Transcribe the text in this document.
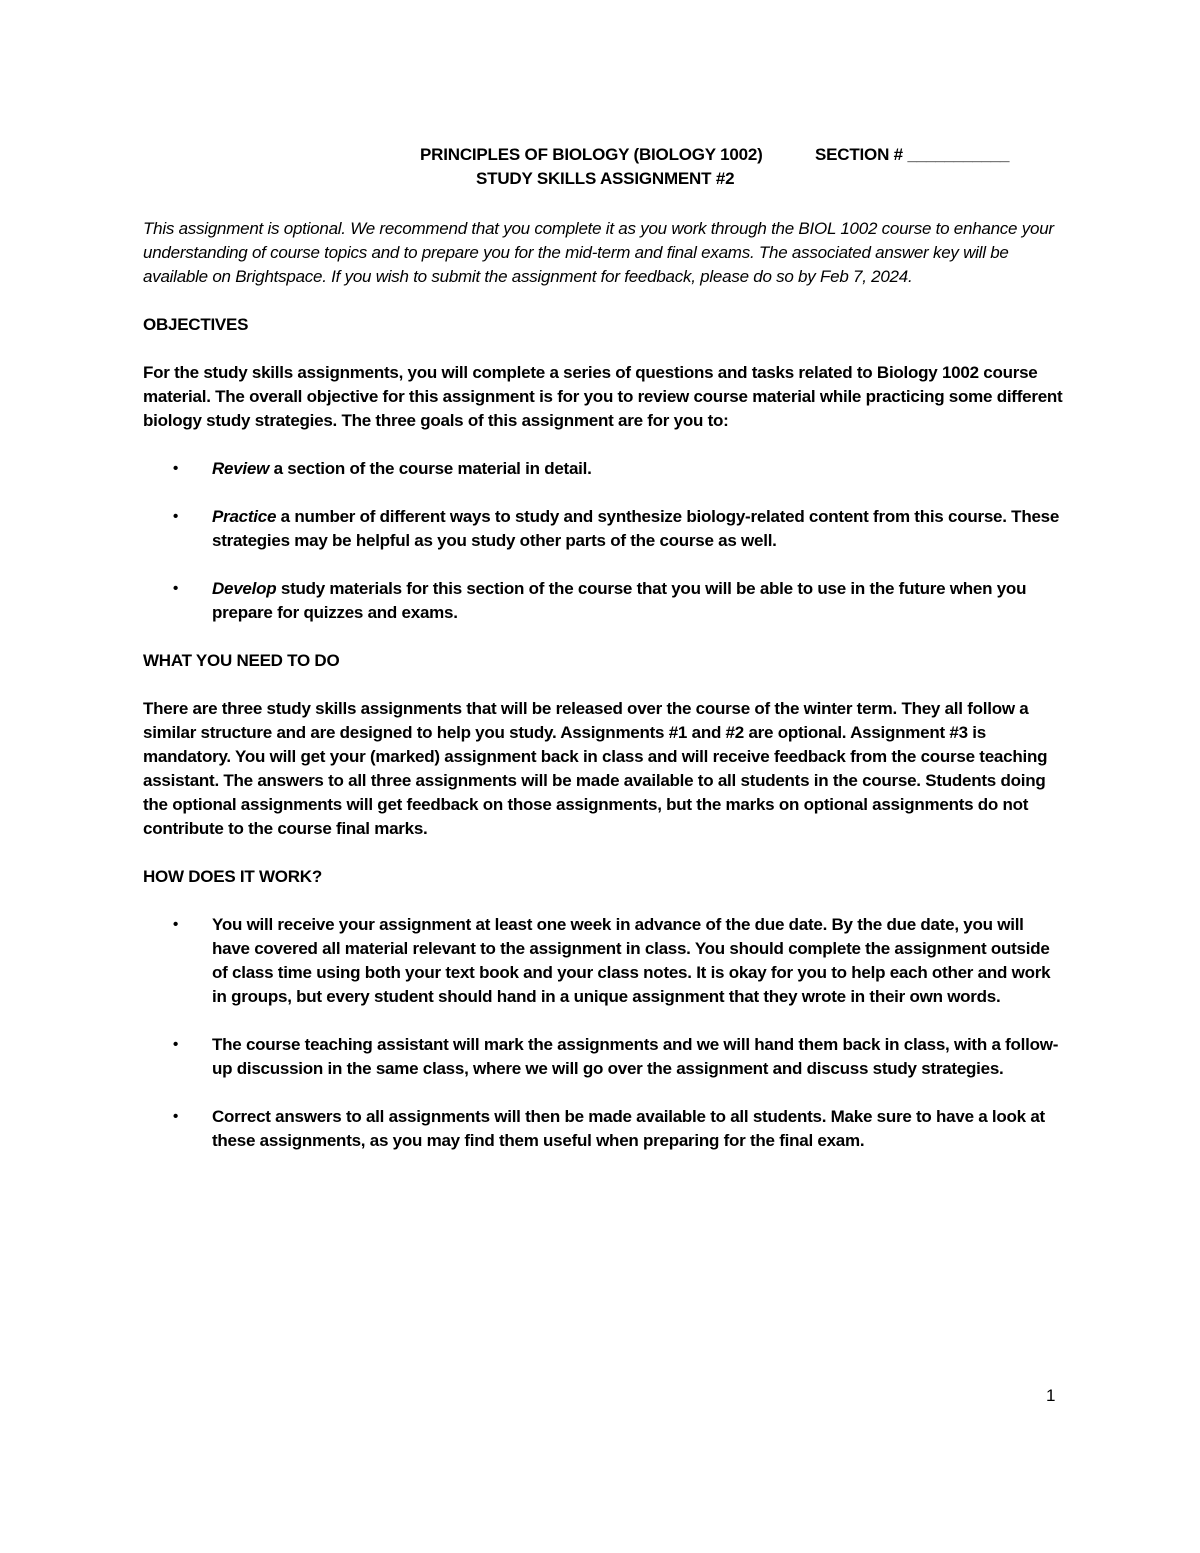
PRINCIPLES OF BIOLOGY (BIOLOGY 1002)	SECTION # ___________
STUDY SKILLS ASSIGNMENT #2

This assignment is optional. We recommend that you complete it as you work through the BIOL 1002 course to enhance your understanding of course topics and to prepare you for the mid-term and final exams. The associated answer key will be available on Brightspace. If you wish to submit the assignment for feedback, please do so by Feb 7, 2024.

OBJECTIVES

For the study skills assignments, you will complete a series of questions and tasks related to Biology 1002 course material. The overall objective for this assignment is for you to review course material while practicing some different biology study strategies. The three goals of this assignment are for you to:

• Review a section of the course material in detail.
• Practice a number of different ways to study and synthesize biology-related content from this course. These strategies may be helpful as you study other parts of the course as well.
• Develop study materials for this section of the course that you will be able to use in the future when you prepare for quizzes and exams.

WHAT YOU NEED TO DO

There are three study skills assignments that will be released over the course of the winter term. They all follow a similar structure and are designed to help you study. Assignments #1 and #2 are optional. Assignment #3 is mandatory. You will get your (marked) assignment back in class and will receive feedback from the course teaching assistant. The answers to all three assignments will be made available to all students in the course. Students doing the optional assignments will get feedback on those assignments, but the marks on optional assignments do not contribute to the course final marks.

HOW DOES IT WORK?

• You will receive your assignment at least one week in advance of the due date. By the due date, you will have covered all material relevant to the assignment in class. You should complete the assignment outside of class time using both your text book and your class notes. It is okay for you to help each other and work in groups, but every student should hand in a unique assignment that they wrote in their own words.
• The course teaching assistant will mark the assignments and we will hand them back in class, with a follow-up discussion in the same class, where we will go over the assignment and discuss study strategies.
• Correct answers to all assignments will then be made available to all students. Make sure to have a look at these assignments, as you may find them useful when preparing for the final exam.
1
